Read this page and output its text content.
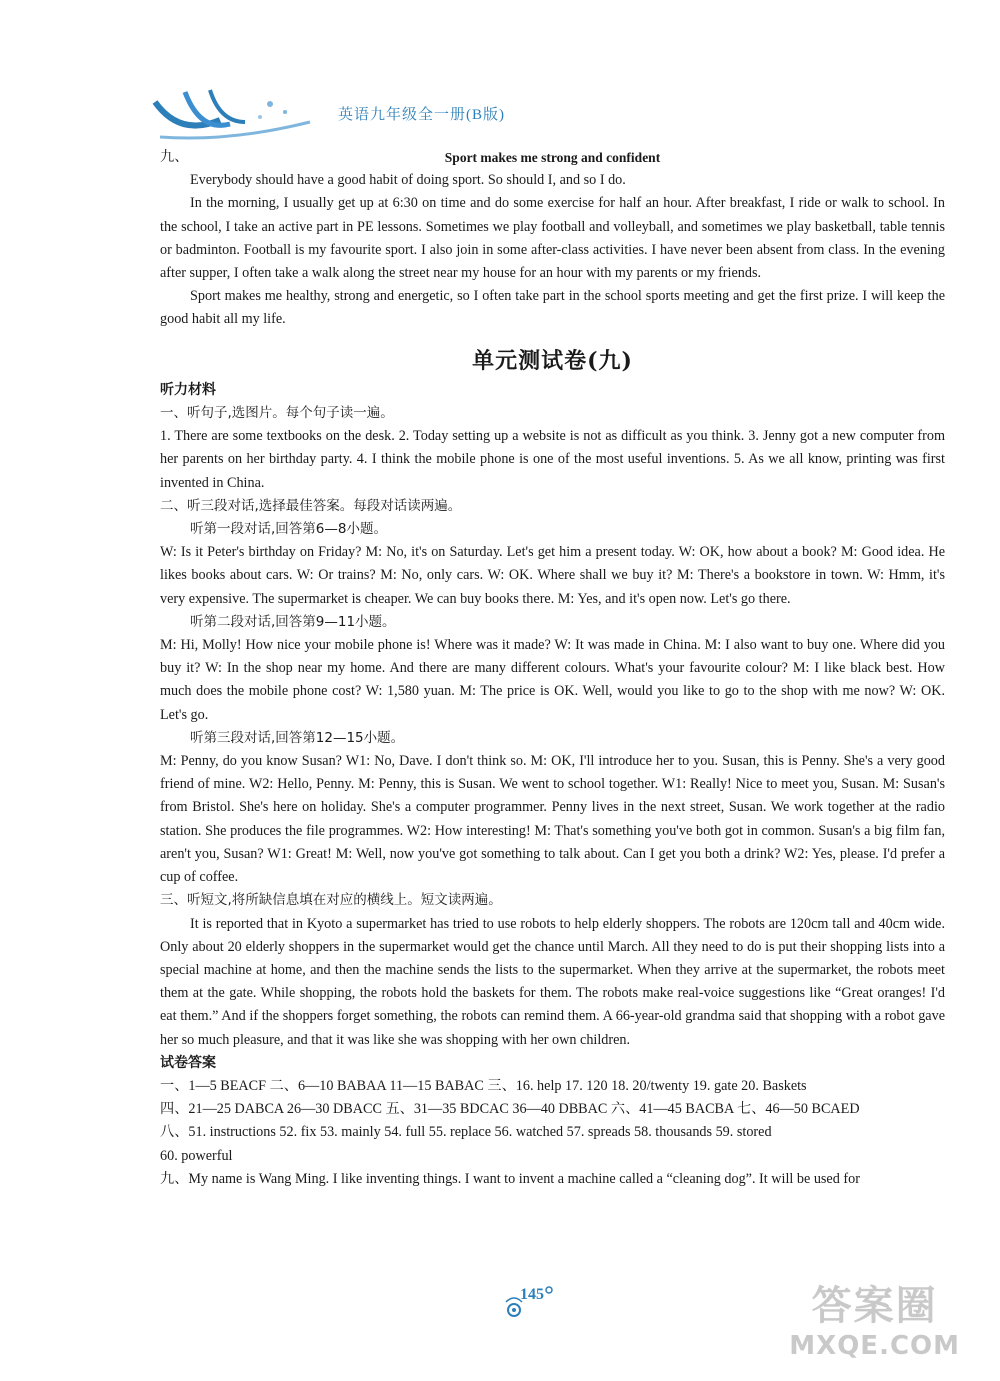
英语九年级全一册(B版)
九、	Sport makes me strong and confident

Everybody should have a good habit of doing sport. So should I, and so I do.

In the morning, I usually get up at 6:30 on time and do some exercise for half an hour. After breakfast, I ride or walk to school. In the school, I take an active part in PE lessons. Sometimes we play football and volleyball, and sometimes we play basketball, table tennis or badminton. Football is my favourite sport. I also join in some after-class activities. I have never been absent from class. In the evening after supper, I often take a walk along the street near my house for an hour with my parents or my friends.

Sport makes me healthy, strong and energetic, so I often take part in the school sports meeting and get the first prize. I will keep the good habit all my life.

单元测试卷(九)
听力材料
一、听句子,选图片。每个句子读一遍。

1. There are some textbooks on the desk. 2. Today setting up a website is not as difficult as you think. 3. Jenny got a new computer from her parents on her birthday party. 4. I think the mobile phone is one of the most useful inventions. 5. As we all know, printing was first invented in China.

二、听三段对话,选择最佳答案。每段对话读两遍。
听第一段对话,回答第6—8小题。

W: Is it Peter's birthday on Friday? M: No, it's on Saturday. Let's get him a present today. W: OK, how about a book? M: Good idea. He likes books about cars. W: Or trains? M: No, only cars. W: OK. Where shall we buy it? M: There's a bookstore in town. W: Hmm, it's very expensive. The supermarket is cheaper. We can buy books there. M: Yes, and it's open now. Let's go there.

听第二段对话,回答第9—11小题。

M: Hi, Molly! How nice your mobile phone is! Where was it made? W: It was made in China. M: I also want to buy one. Where did you buy it? W: In the shop near my home. And there are many different colours. What's your favourite colour? M: I like black best. How much does the mobile phone cost? W: 1,580 yuan. M: The price is OK. Well, would you like to go to the shop with me now? W: OK. Let's go.

听第三段对话,回答第12—15小题。

M: Penny, do you know Susan? W1: No, Dave. I don't think so. M: OK, I'll introduce her to you. Susan, this is Penny. She's a very good friend of mine. W2: Hello, Penny. M: Penny, this is Susan. We went to school together. W1: Really! Nice to meet you, Susan. M: Susan's from Bristol. She's here on holiday. She's a computer programmer. Penny lives in the next street, Susan. We work together at the radio station. She produces the file programmes. W2: How interesting! M: That's something you've both got in common. Susan's a big film fan, aren't you, Susan? W1: Great! M: Well, now you've got something to talk about. Can I get you both a drink? W2: Yes, please. I'd prefer a cup of coffee.

三、听短文,将所缺信息填在对应的横线上。短文读两遍。

It is reported that in Kyoto a supermarket has tried to use robots to help elderly shoppers. The robots are 120cm tall and 40cm wide. Only about 20 elderly shoppers in the supermarket would get the chance until March. All they need to do is put their shopping lists into a special machine at home, and then the machine sends the lists to the supermarket. When they arrive at the supermarket, the robots meet them at the gate. While shopping, the robots hold the baskets for them. The robots make real-voice suggestions like “Great oranges! I'd eat them.” And if the shoppers forget something, the robots can remind them. A 66-year-old grandma said that shopping with a robot gave her so much pleasure, and that it was like she was shopping with her own children.

试卷答案
一、1—5 BEACF 二、6—10 BABAA 11—15 BABAC 三、16. help 17. 120 18. 20/twenty 19. gate 20. Baskets
四、21—25 DABCA 26—30 DBACC 五、31—35 BDCAC 36—40 DBBAC 六、41—45 BACBA 七、46—50 BCAED
八、51. instructions 52. fix 53. mainly 54. full 55. replace 56. watched 57. spreads 58. thousands 59. stored
60. powerful
九、My name is Wang Ming. I like inventing things. I want to invent a machine called a “cleaning dog”. It will be used for
145	答案圈
MXQE.COM
